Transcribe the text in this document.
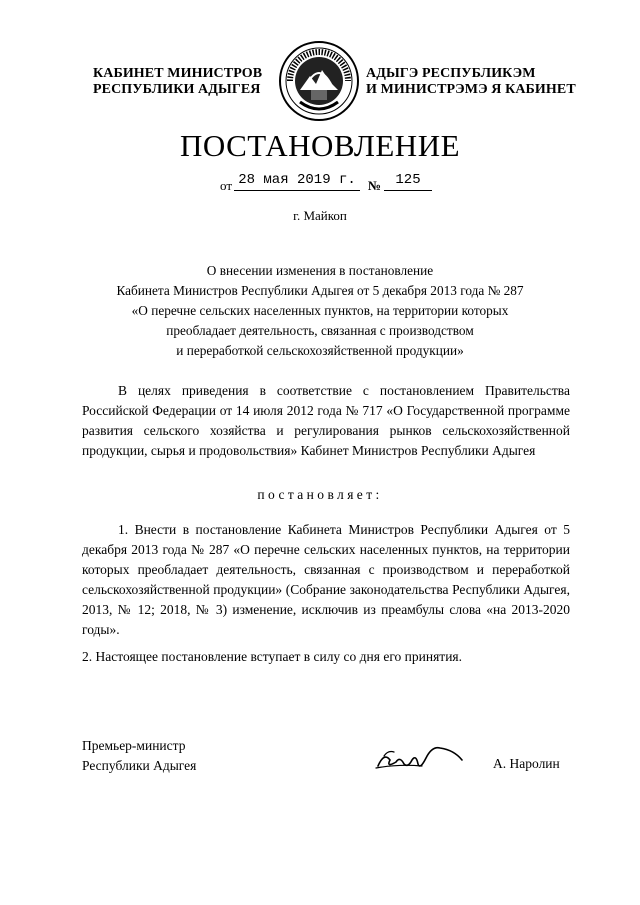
КАБИНЕТ МИНИСТРОВ
РЕСПУБЛИКИ АДЫГЕЯ
АДЫГЭ РЕСПУБЛИКЭМ
И МИНИСТРЭМЭ Я КАБИНЕТ
ПОСТАНОВЛЕНИЕ
от 28 мая 2019 г. №	125
г. Майкоп
О внесении изменения в постановление
Кабинета Министров Республики Адыгея от 5 декабря 2013 года № 287
«О перечне сельских населенных пунктов, на территории которых
преобладает деятельность, связанная с производством
и переработкой сельскохозяйственной продукции»
В целях приведения в соответствие с постановлением Правительства Российской Федерации от 14 июля 2012 года № 717 «О Государственной программе развития сельского хозяйства и регулирования рынков сельскохозяйственной продукции, сырья и продовольствия» Кабинет Министров Республики Адыгея
постановляет:
1. Внести в постановление Кабинета Министров Республики Адыгея от 5 декабря 2013 года № 287 «О перечне сельских населенных пунктов, на территории которых преобладает деятельность, связанная с производством и переработкой сельскохозяйственной продукции» (Собрание законодательства Республики Адыгея, 2013, № 12; 2018, № 3) изменение, исключив из преамбулы слова «на 2013-2020 годы».
2. Настоящее постановление вступает в силу со дня его принятия.
Премьер-министр
Республики Адыгея	А. Наролин
